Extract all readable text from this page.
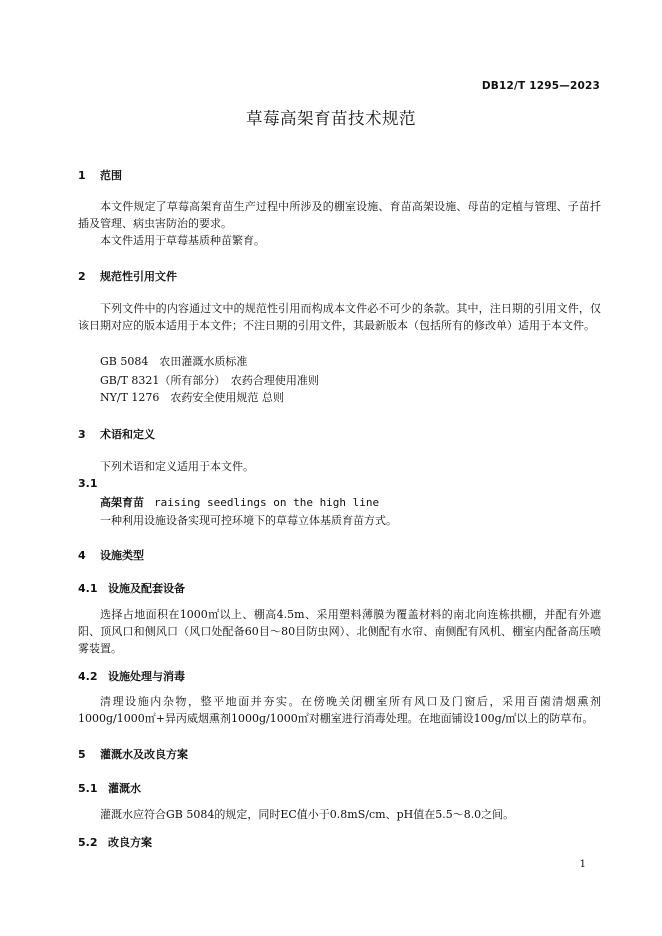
DB12/T 1295—2023
草莓高架育苗技术规范
1 范围
本文件规定了草莓高架育苗生产过程中所涉及的棚室设施、育苗高架设施、母苗的定植与管理、子苗扦插及管理、病虫害防治的要求。
本文件适用于草莓基质种苗繁育。
2 规范性引用文件
下列文件中的内容通过文中的规范性引用而构成本文件必不可少的条款。其中，注日期的引用文件，仅该日期对应的版本适用于本文件；不注日期的引用文件，其最新版本（包括所有的修改单）适用于本文件。
GB 5084　农田灌溉水质标准
GB/T 8321（所有部分）　农药合理使用准则
NY/T 1276　农药安全使用规范 总则
3 术语和定义
下列术语和定义适用于本文件。
3.1
高架育苗 raising seedlings on the high line
一种利用设施设备实现可控环境下的草莓立体基质育苗方式。
4 设施类型
4.1 设施及配套设备
选择占地面积在1000㎡以上、棚高4.5m、采用塑料薄膜为覆盖材料的南北向连栋拱棚，并配有外遮阳、顶风口和侧风口（风口处配备60目～80目防虫网）、北侧配有水帘、南侧配有风机、棚室内配备高压喷雾装置。
4.2 设施处理与消毒
清理设施内杂物，整平地面并夯实。在傍晚关闭棚室所有风口及门窗后，采用百菌清烟熏剂1000g/1000㎡+异丙威烟熏剂1000g/1000㎡对棚室进行消毒处理。在地面铺设100g/㎡以上的防草布。
5 灌溉水及改良方案
5.1 灌溉水
灌溉水应符合GB 5084的规定，同时EC值小于0.8mS/cm、pH值在5.5～8.0之间。
5.2 改良方案
1
